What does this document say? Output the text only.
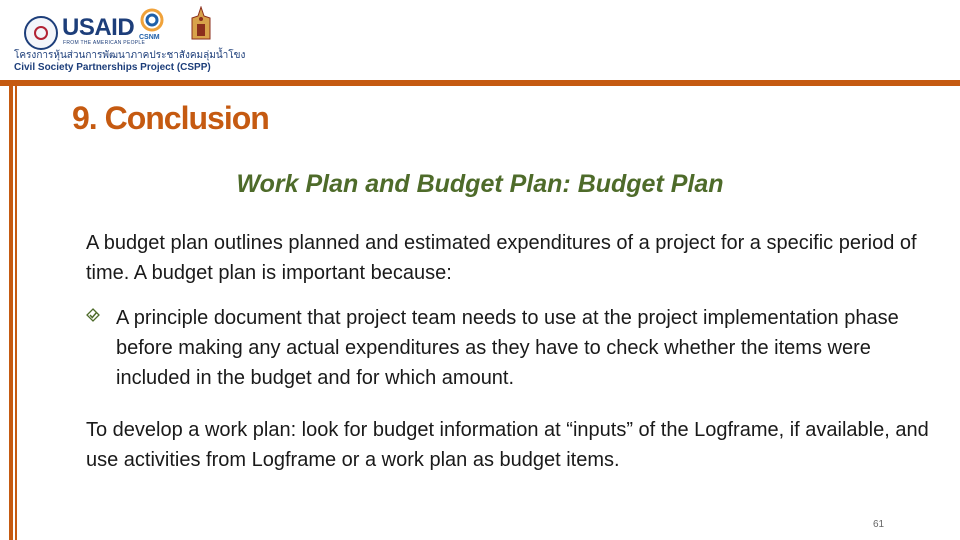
USAID
FROM THE AMERICAN PEOPLE
CSNM
โครงการหุ้นส่วนการพัฒนาภาคประชาสังคมลุ่มน้ำโขง
Civil Society Partnerships Project (CSPP)
9. Conclusion
Work Plan and Budget Plan: Budget Plan

A budget plan outlines planned and estimated expenditures of a project for a specific period of time. A budget plan is important because:

A principle document that project team needs to use at the project implementation phase before making any actual expenditures as they have to check whether the items were included in the budget and for which amount.

To develop a work plan: look for budget information at “inputs” of the Logframe, if available, and use activities from Logframe or a work plan as budget items.

61
